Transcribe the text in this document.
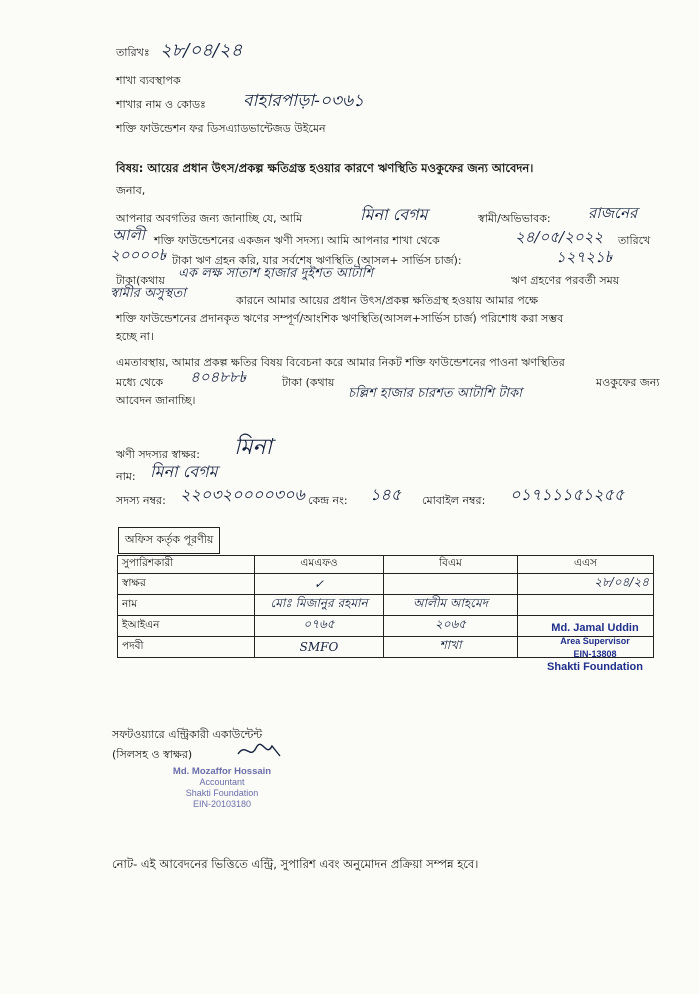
তারিখঃ ২৮/০৪/২৪
শাখা ব্যবস্থাপক
শাখার নাম ও কোডঃ বাহারপাড়া-০৩৬১
শক্তি ফাউন্ডেশন ফর ডিসএ্যাডভান্টেজড উইমেন
বিষয়: আয়ের প্রধান উৎস/প্রকল্প ক্ষতিগ্রস্ত হওয়ার কারণে ঋণস্থিতি মওকুফের জন্য আবেদন।
জনাব,
আপনার অবগতির জন্য জানাচ্ছি যে, আমি	মিনা বেগম	স্বামী/অভিভাবক: রাজনের
আলী শক্তি ফাউন্ডেশনের একজন ঋণী সদস্য। আমি আপনার শাখা থেকে	২৪/০৫/২০২২ তারিখে
২০০০০৳ টাকা ঋণ গ্রহন করি, যার সর্বশেষ ঋণস্থিতি (আসল+ সার্ভিস চার্জ):	১২৭২১৳
টাকা(কথায় এক লক্ষ সাতাশ হাজার দুইশত আটাশি	ঋণ গ্রহণের পরবর্তী সময়
স্বামীর অসুস্থতা	কারনে আমার আয়ের প্রধান উৎস/প্রকল্প ক্ষতিগ্রস্থ হওয়ায় আমার পক্ষে
শক্তি ফাউন্ডেশনের প্রদানকৃত ঋণের সম্পূর্ণ/আংশিক ঋণস্থিতি(আসল+সার্ভিস চার্জ) পরিশোধ করা সম্ভব
হচ্ছে না।
এমতাবস্থায়, আমার প্রকল্প ক্ষতির বিষয় বিবেচনা করে আমার নিকট শক্তি ফাউন্ডেশনের পাওনা ঋণস্থিতির
মধ্যে থেকে ৪০৪৮৮৳	টাকা (কথায়	মওকুফের জন্য
আবেদন জানাচ্ছি।	চল্লিশ হাজার চারশত আটাশি টাকা
ঋণী সদস্যর স্বাক্ষর: মিনা
নাম: মিনা বেগম
সদস্য নম্বর: ২২০৩২০০০০৩০৬ কেন্দ্র নং: ১৪৫ মোবাইল নম্বর: ০১৭১১১৫১২৫৫
অফিস কর্তৃক পূরণীয়
সুপারিশকারী	এমএফও	বিএম	এএস
স্বাক্ষর	✓		২৮/০৪/২৪
নাম	মোঃ মিজানুর রহমান	আলীম আহমেদ	
ইআইএন	০৭৬৫	২০৬৫	
পদবী	SMFO	শাখা	
Md. Jamal Uddin
Area Supervisor
EIN-13808
Shakti Foundation
সফটওয়্যারে এন্ট্রিকারী একাউন্টেন্ট
(সিলসহ ও স্বাক্ষর)
Md. Mozaffor Hossain
Accountant
Shakti Foundation
EIN-20103180
নোট- এই আবেদনের ভিত্তিতে এন্ট্রি, সুপারিশ এবং অনুমোদন প্রক্রিয়া সম্পন্ন হবে।
